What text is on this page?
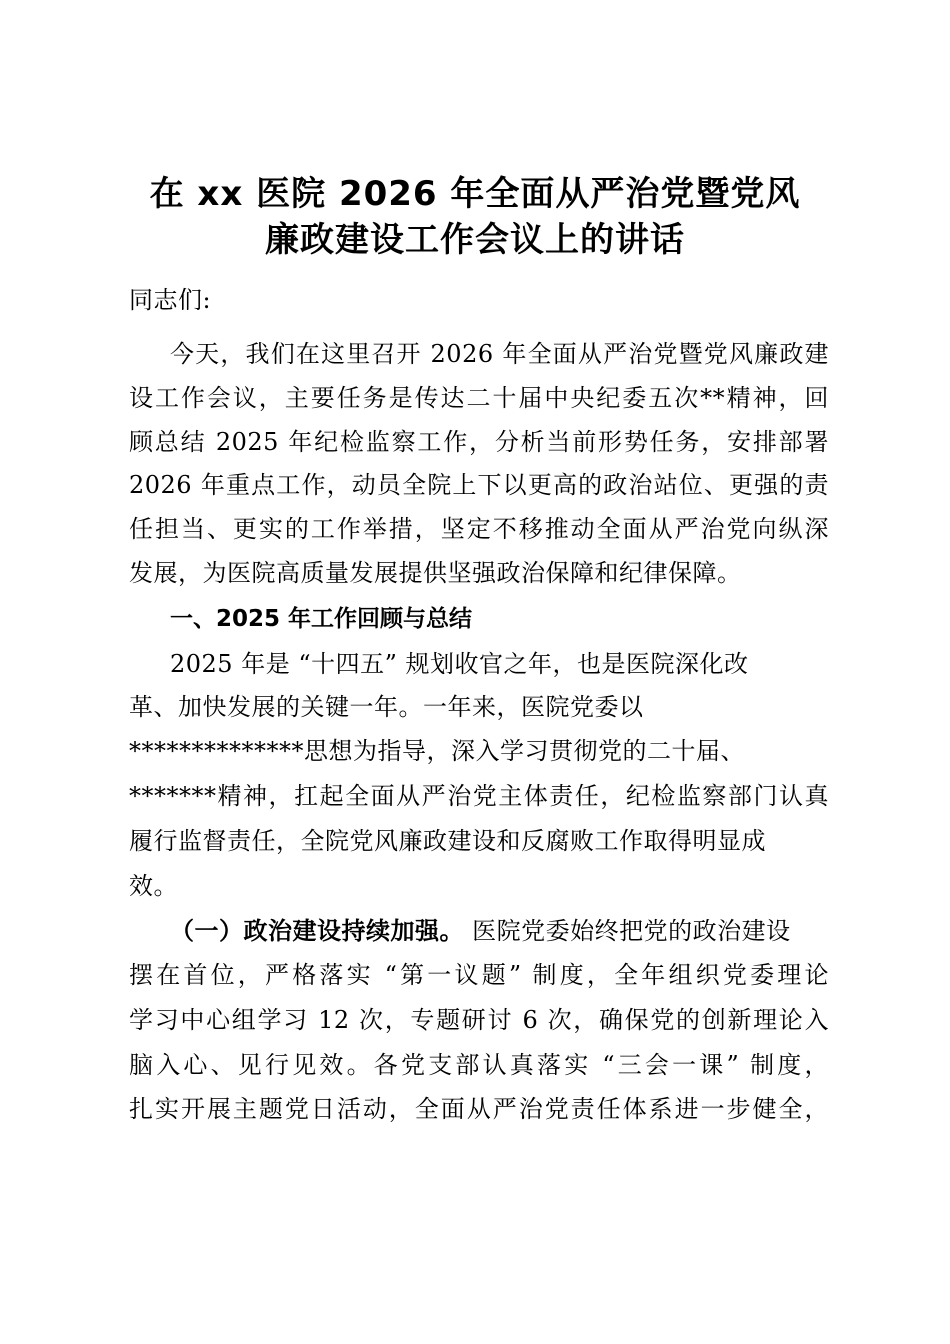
在 xx 医院 2026 年全面从严治党暨党风
廉政建设工作会议上的讲话
同志们:
今天，我们在这里召开 2026 年全面从严治党暨党风廉政建
设工作会议，主要任务是传达二十届中央纪委五次**精神，回
顾总结 2025 年纪检监察工作，分析当前形势任务，安排部署
2026 年重点工作，动员全院上下以更高的政治站位、更强的责
任担当、更实的工作举措，坚定不移推动全面从严治党向纵深
发展，为医院高质量发展提供坚强政治保障和纪律保障。
一、2025 年工作回顾与总结
2025 年是 “十四五” 规划收官之年，也是医院深化改
革、加快发展的关键一年。一年来，医院党委以
**************思想为指导，深入学习贯彻党的二十届、
*******精神，扛起全面从严治党主体责任，纪检监察部门认真
履行监督责任，全院党风廉政建设和反腐败工作取得明显成
效。
（一）政治建设持续加强。 医院党委始终把党的政治建设
摆在首位，严格落实 “第一议题” 制度，全年组织党委理论
学习中心组学习 12 次，专题研讨 6 次，确保党的创新理论入
脑入心、见行见效。各党支部认真落实 “三会一课” 制度，
扎实开展主题党日活动，全面从严治党责任体系进一步健全，
